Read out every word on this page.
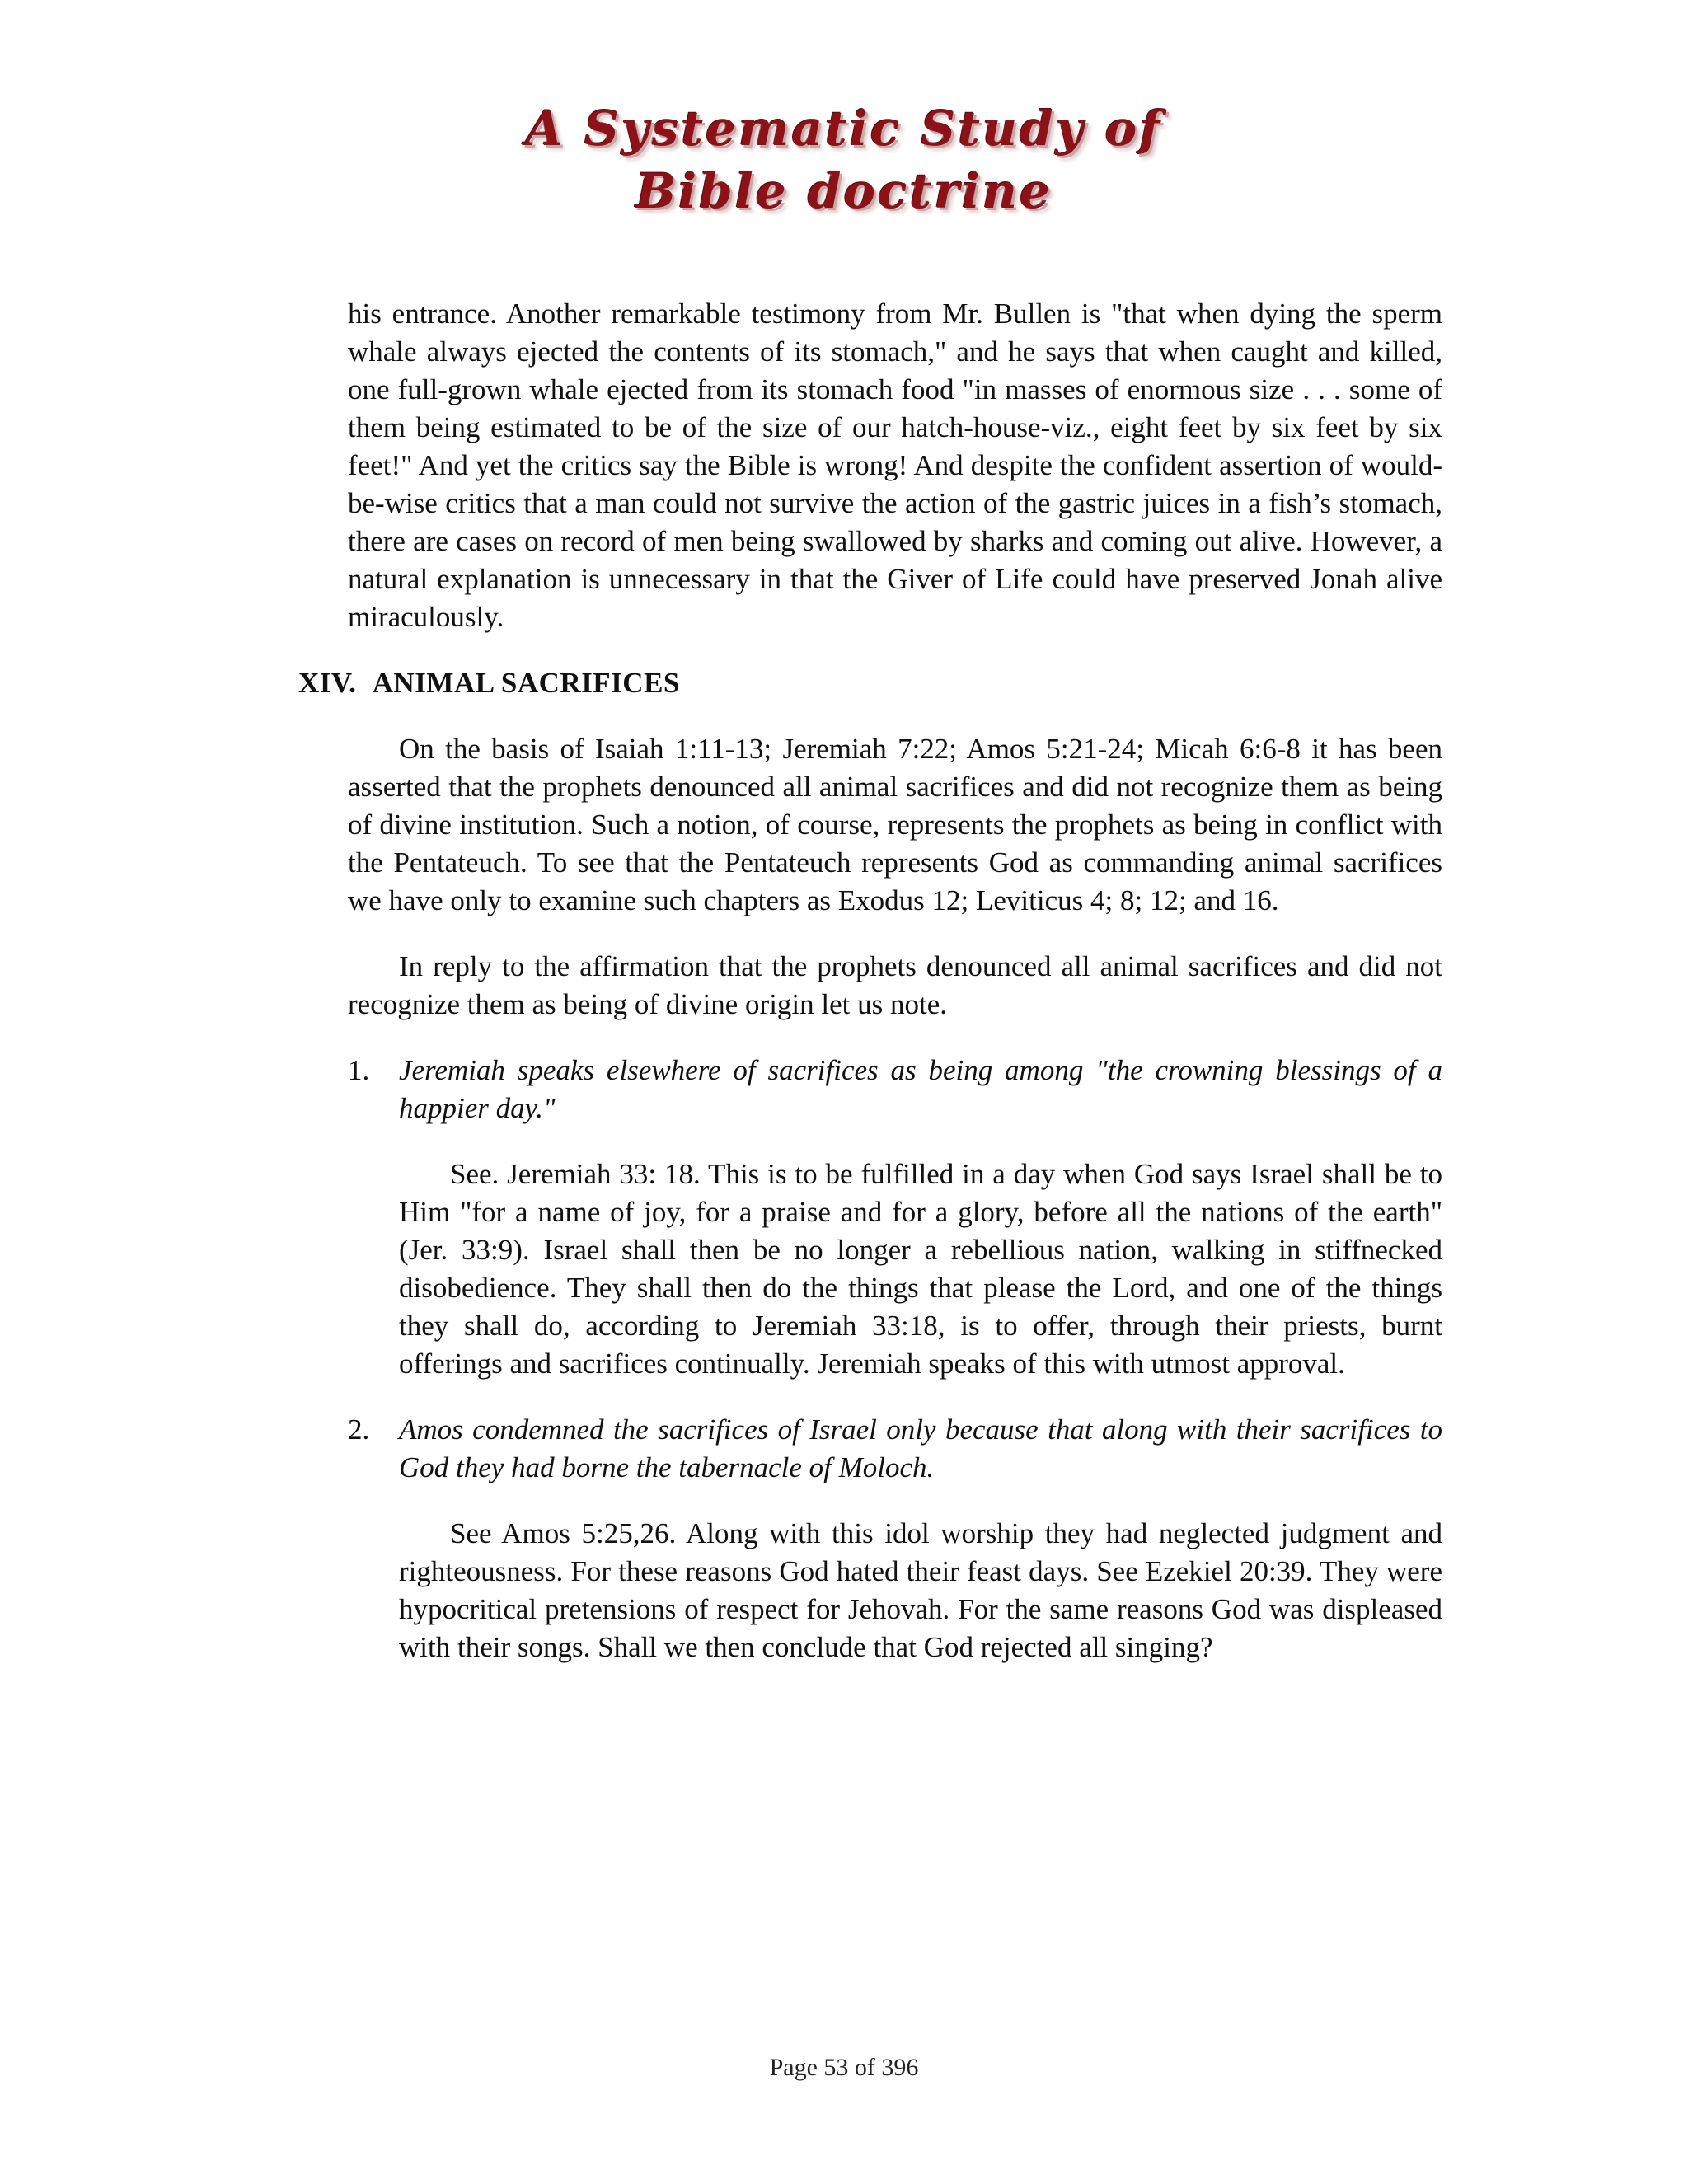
A Systematic Study of
Bible doctrine

his entrance. Another remarkable testimony from Mr. Bullen is "that when dying the sperm whale always ejected the contents of its stomach," and he says that when caught and killed, one full-grown whale ejected from its stomach food "in masses of enormous size . . . some of them being estimated to be of the size of our hatch-house-viz., eight feet by six feet by six feet!" And yet the critics say the Bible is wrong! And despite the confident assertion of would-be-wise critics that a man could not survive the action of the gastric juices in a fish’s stomach, there are cases on record of men being swallowed by sharks and coming out alive. However, a natural explanation is unnecessary in that the Giver of Life could have preserved Jonah alive miraculously.

XIV. ANIMAL SACRIFICES

On the basis of Isaiah 1:11-13; Jeremiah 7:22; Amos 5:21-24; Micah 6:6-8 it has been asserted that the prophets denounced all animal sacrifices and did not recognize them as being of divine institution. Such a notion, of course, represents the prophets as being in conflict with the Pentateuch. To see that the Pentateuch represents God as commanding animal sacrifices we have only to examine such chapters as Exodus 12; Leviticus 4; 8; 12; and 16.

In reply to the affirmation that the prophets denounced all animal sacrifices and did not recognize them as being of divine origin let us note.

1. Jeremiah speaks elsewhere of sacrifices as being among "the crowning blessings of a happier day."
See. Jeremiah 33: 18. This is to be fulfilled in a day when God says Israel shall be to Him "for a name of joy, for a praise and for a glory, before all the nations of the earth" (Jer. 33:9). Israel shall then be no longer a rebellious nation, walking in stiffnecked disobedience. They shall then do the things that please the Lord, and one of the things they shall do, according to Jeremiah 33:18, is to offer, through their priests, burnt offerings and sacrifices continually. Jeremiah speaks of this with utmost approval.
2. Amos condemned the sacrifices of Israel only because that along with their sacrifices to God they had borne the tabernacle of Moloch.
See Amos 5:25,26. Along with this idol worship they had neglected judgment and righteousness. For these reasons God hated their feast days. See Ezekiel 20:39. They were hypocritical pretensions of respect for Jehovah. For the same reasons God was displeased with their songs. Shall we then conclude that God rejected all singing?
Page 53 of 396
